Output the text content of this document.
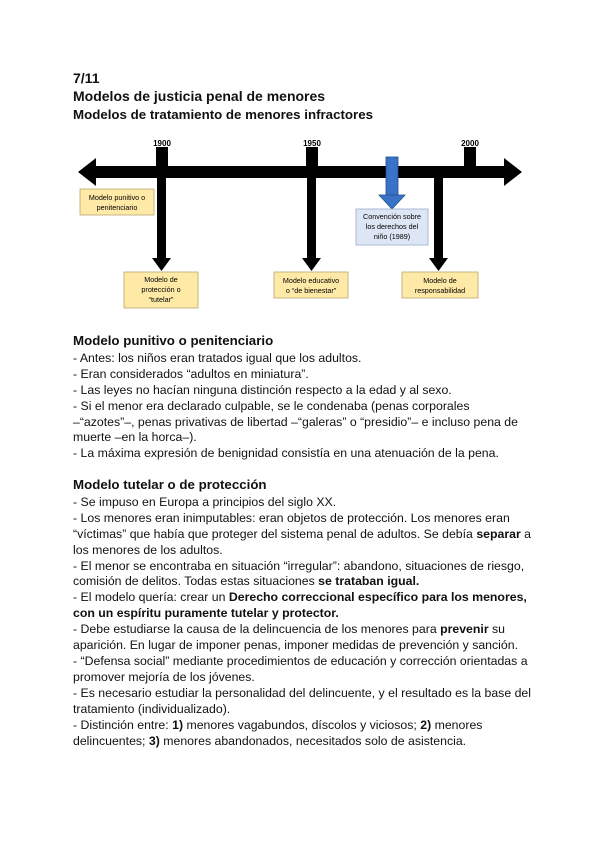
7/11
Modelos de justicia penal de menores
Modelos de tratamiento de menores infractores
1900	1950	2000
Modelo punitivo o
penitenciario
Modelo de
protección o
“tutelar”
Modelo educativo
o “de bienestar”
Convención sobre
los derechos del
niño (1989)
Modelo de
responsabilidad
Modelo punitivo o penitenciario

- Antes: los niños eran tratados igual que los adultos.

- Eran considerados “adultos en miniatura”.

- Las leyes no hacían ninguna distinción respecto a la edad y al sexo.

- Si el menor era declarado culpable, se le condenaba (penas corporales –“azotes”–, penas privativas de libertad –“galeras” o “presidio”– e incluso pena de muerte –en la horca–).

- La máxima expresión de benignidad consistía en una atenuación de la pena.

Modelo tutelar o de protección

- Se impuso en Europa a principios del siglo XX.

- Los menores eran inimputables: eran objetos de protección. Los menores eran “víctimas” que había que proteger del sistema penal de adultos. Se debía separar a los menores de los adultos.

- El menor se encontraba en situación “irregular”: abandono, situaciones de riesgo, comisión de delitos. Todas estas situaciones se trataban igual.

- El modelo quería: crear un Derecho correccional específico para los menores, con un espíritu puramente tutelar y protector.

- Debe estudiarse la causa de la delincuencia de los menores para prevenir su aparición. En lugar de imponer penas, imponer medidas de prevención y sanción.

- “Defensa social” mediante procedimientos de educación y corrección orientadas a promover mejoría de los jóvenes.

- Es necesario estudiar la personalidad del delincuente, y el resultado es la base del tratamiento (individualizado).

- Distinción entre: 1) menores vagabundos, díscolos y viciosos; 2) menores delincuentes; 3) menores abandonados, necesitados solo de asistencia.
